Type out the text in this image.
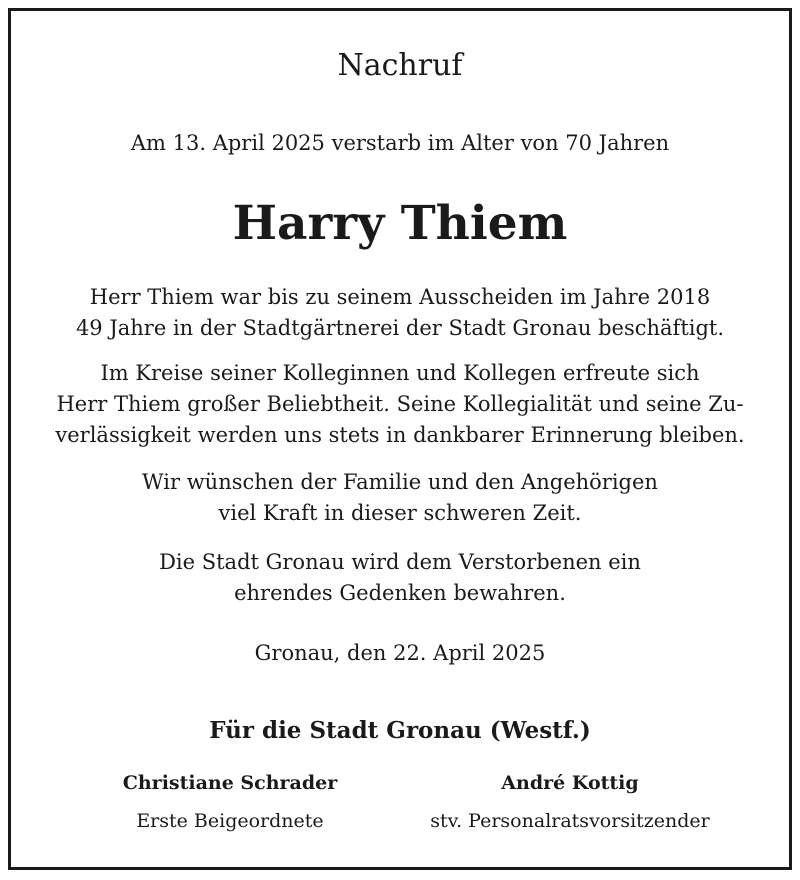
Nachruf
Am 13. April 2025 verstarb im Alter von 70 Jahren
Harry Thiem
Herr Thiem war bis zu seinem Ausscheiden im Jahre 2018
49 Jahre in der Stadtgärtnerei der Stadt Gronau beschäftigt.
Im Kreise seiner Kolleginnen und Kollegen erfreute sich
Herr Thiem großer Beliebtheit. Seine Kollegialität und seine Zu-
verlässigkeit werden uns stets in dankbarer Erinnerung bleiben.
Wir wünschen der Familie und den Angehörigen
viel Kraft in dieser schweren Zeit.
Die Stadt Gronau wird dem Verstorbenen ein
ehrendes Gedenken bewahren.
Gronau, den 22. April 2025
Für die Stadt Gronau (Westf.)
Christiane Schrader
Erste Beigeordnete
André Kottig
stv. Personalratsvorsitzender
